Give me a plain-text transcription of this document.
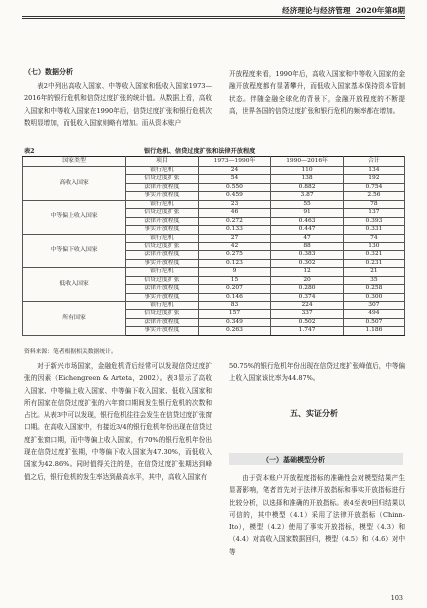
经济理论与经济管理 2020年第8期
（七）数据分析

表2中列出高收入国家、中等收入国家和低收入国家1973—2016年的银行危机和信贷过度扩张的统计值。从数据上看，高收入国家和中等收入国家在1990年后，信贷过度扩张和银行危机次数明显增加，而低收入国家则略有增加。而从资本账户

开放程度来看，1990年后，高收入国家和中等收入国家的金融开放程度都有显著攀升，而低收入国家基本保持资本管制状态。伴随金融全球化的背景下，金融开放程度的不断提高，世界各国的信贷过度扩张和银行危机的频率都在增加。

表2	银行危机、信贷过度扩张和法律开放程度
国家类型	项目	1973—1990年	1990—2016年	合计
高收入国家	银行危机	24	110	134
	信贷过度扩张	54	138	192
	法律开放程度	0.550	0.882	0.754
	事实开放程度	0.459	3.87	2.56
中等偏上收入国家	银行危机	23	55	78
	信贷过度扩张	46	91	137
	法律开放程度	0.272	0.463	0.393
	事实开放程度	0.133	0.447	0.331
中等偏下收入国家	银行危机	27	47	74
	信贷过度扩张	42	88	130
	法律开放程度	0.275	0.383	0.321
	事实开放程度	0.123	0.302	0.231
低收入国家	银行危机	9	12	21
	信贷过度扩张	15	20	35
	法律开放程度	0.207	0.280	0.258
	事实开放程度	0.146	0.374	0.300
所有国家	银行危机	83	224	307
	信贷过度扩张	157	337	494
	法律开放程度	0.349	0.502	0.507
	事实开放程度	0.263	1.747	1.186
资料来源：笔者根据相关数据统计。

对于新兴市场国家，金融危机背后经常可以发现信贷过度扩张的因素（Eichengreen & Arteta，2002）。表3显示了高收入国家、中等偏上收入国家、中等偏下收入国家、低收入国家和所有国家在信贷过度扩张的六年窗口期间发生银行危机的次数和占比。从表3中可以发现，银行危机往往会发生在信贷过度扩张窗口期。在高收入国家中，有接近3/4的银行危机年份出现在信贷过度扩张窗口期，而中等偏上收入国家，有70%的银行危机年份出现在信贷过度扩张期，中等偏下收入国家为47.30%，而低收入国家为42.86%。同时值得关注的是，在信贷过度扩张期达到峰值之后，银行危机的发生率达到最高水平，其中，高收入国家有

50.75%的银行危机年份出现在信贷过度扩张峰值后，中等偏上收入国家该比率为44.87%。

五、实证分析
（一）基础模型分析

由于资本账户开放程度指标的准确性会对模型结果产生显著影响，笔者首先对于法律开放指标和事实开放指标进行比较分析，以选择和准确的开放指标。表4至表9回归结果以可信的，其中模型（4.1）采用了法律开放指标（Chinn-Ito），模型（4.2）使用了事实开放指标，模型（4.3）和（4.4）对高收入国家数据回归，模型（4.5）和（4.6）对中等

103
